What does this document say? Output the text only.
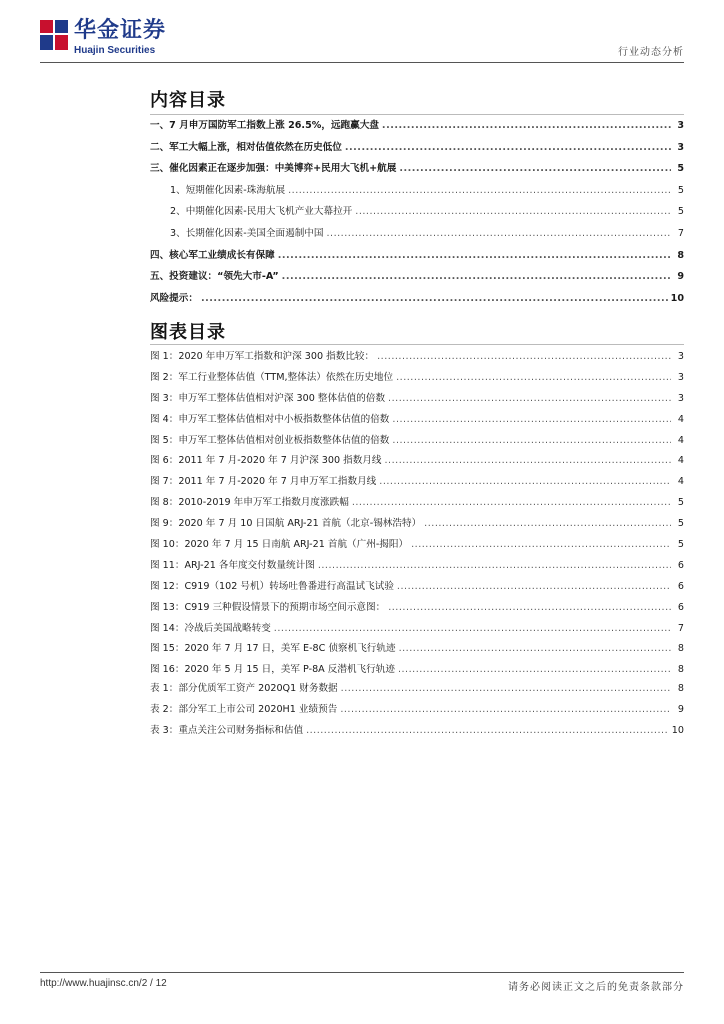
华金证券
Huajin Securities	行业动态分析
内容目录
一、7 月申万国防军工指数上涨 26.5%，远跑赢大盘 .....	3
二、军工大幅上涨，相对估值依然在历史低位 .....	3
三、催化因素正在逐步加强：中美博弈+民用大飞机+航展 .....	5
1、短期催化因素-珠海航展 .....	5
2、中期催化因素-民用大飞机产业大幕拉开 .....	5
3、长期催化因素-美国全面遏制中国 .....	7
四、核心军工业绩成长有保障 .....	8
五、投资建议：“领先大市-A” .....	9
风险提示： .....	10
图表目录
图 1：2020 年申万军工指数和沪深 300 指数比较： .....	3
图 2：军工行业整体估值（TTM,整体法）依然在历史地位 .....	3
图 3：申万军工整体估值相对沪深 300 整体估值的倍数 .....	3
图 4：申万军工整体估值相对中小板指数整体估值的倍数 .....	4
图 5：申万军工整体估值相对创业板指数整体估值的倍数 .....	4
图 6：2011 年 7 月-2020 年 7 月沪深 300 指数月线 .....	4
图 7：2011 年 7 月-2020 年 7 月申万军工指数月线 .....	4
图 8：2010-2019 年申万军工指数月度涨跌幅 .....	5
图 9：2020 年 7 月 10 日国航 ARJ-21 首航（北京-锡林浩特） .....	5
图 10：2020 年 7 月 15 日南航 ARJ-21 首航（广州-揭阳） .....	5
图 11：ARJ-21 各年度交付数量统计图 .....	6
图 12：C919（102 号机）转场吐鲁番进行高温试飞试验 .....	6
图 13：C919 三种假设情景下的预期市场空间示意图： .....	6
图 14：冷战后美国战略转变 .....	7
图 15：2020 年 7 月 17 日，美军 E-8C 侦察机飞行轨迹 .....	8
图 16：2020 年 5 月 15 日，美军 P-8A 反潜机飞行轨迹 .....	8
表 1：部分优质军工资产 2020Q1 财务数据 .....	8
表 2：部分军工上市公司 2020H1 业绩预告 .....	9
表 3：重点关注公司财务指标和估值 .....	10
http://www.huajinsc.cn/2 / 12	请务必阅读正文之后的免责条款部分
